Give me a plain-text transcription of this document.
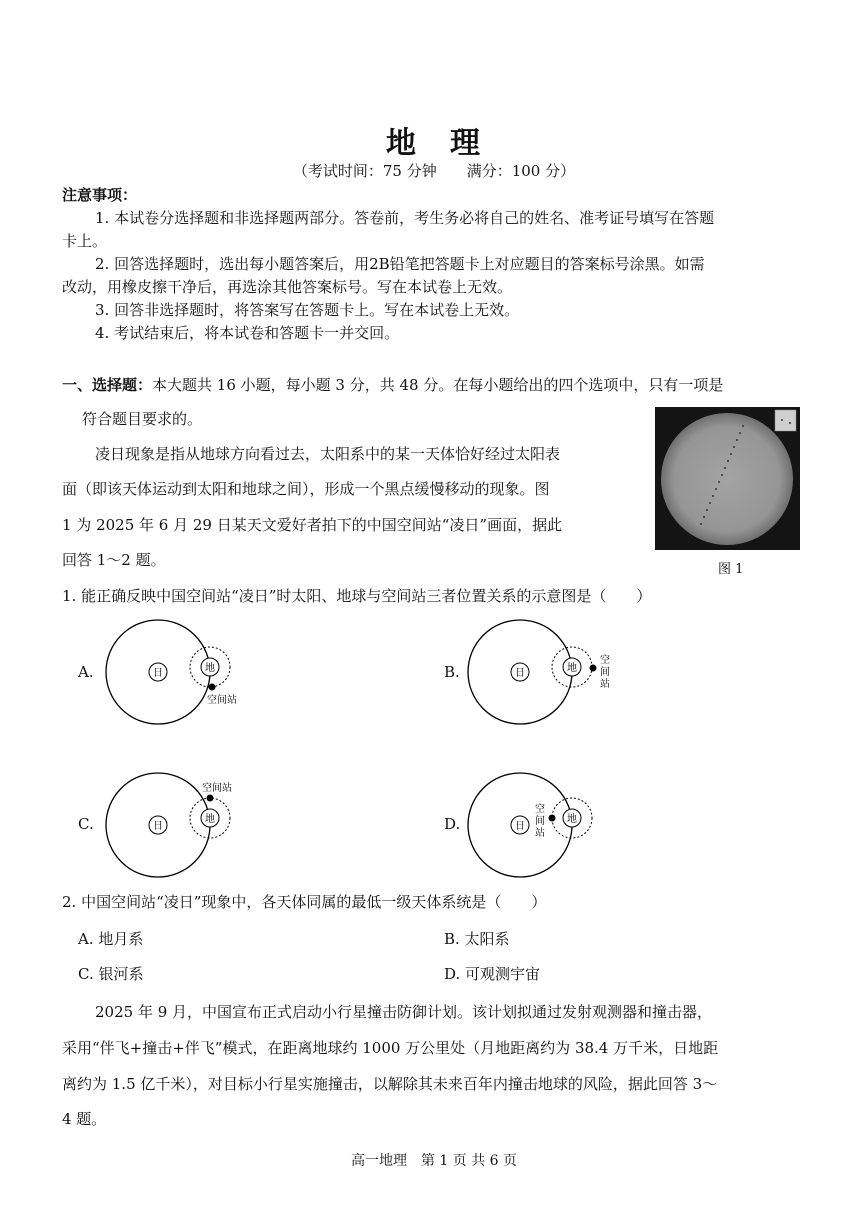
地　理
（考试时间：75 分钟　　满分：100 分）
注意事项：
1. 本试卷分选择题和非选择题两部分。答卷前，考生务必将自己的姓名、准考证号填写在答题
卡上。
2. 回答选择题时，选出每小题答案后，用2B铅笔把答题卡上对应题目的答案标号涂黑。如需
改动，用橡皮擦干净后，再选涂其他答案标号。写在本试卷上无效。
3. 回答非选择题时，将答案写在答题卡上。写在本试卷上无效。
4. 考试结束后，将本试卷和答题卡一并交回。
一、选择题：本大题共 16 小题，每小题 3 分，共 48 分。在每小题给出的四个选项中，只有一项是
符合题目要求的。
凌日现象是指从地球方向看过去，太阳系中的某一天体恰好经过太阳表
面（即该天体运动到太阳和地球之间），形成一个黑点缓慢移动的现象。图
1 为 2025 年 6 月 29 日某天文爱好者拍下的中国空间站“凌日”画面，据此
回答 1～2 题。
图 1
1. 能正确反映中国空间站“凌日”时太阳、地球与空间站三者位置关系的示意图是（　　）
A.	日	地
空间站
B.	日	地
空
间
站
C.	日
地
空间站
D.	日
地
空
间
站
2. 中国空间站“凌日”现象中，各天体同属的最低一级天体系统是（　　）
A. 地月系	B. 太阳系
C. 银河系	D. 可观测宇宙
2025 年 9 月，中国宣布正式启动小行星撞击防御计划。该计划拟通过发射观测器和撞击器，
采用“伴飞+撞击+伴飞”模式，在距离地球约 1000 万公里处（月地距离约为 38.4 万千米，日地距
离约为 1.5 亿千米），对目标小行星实施撞击，以解除其未来百年内撞击地球的风险，据此回答 3～
4 题。
高一地理　第 1 页 共 6 页
